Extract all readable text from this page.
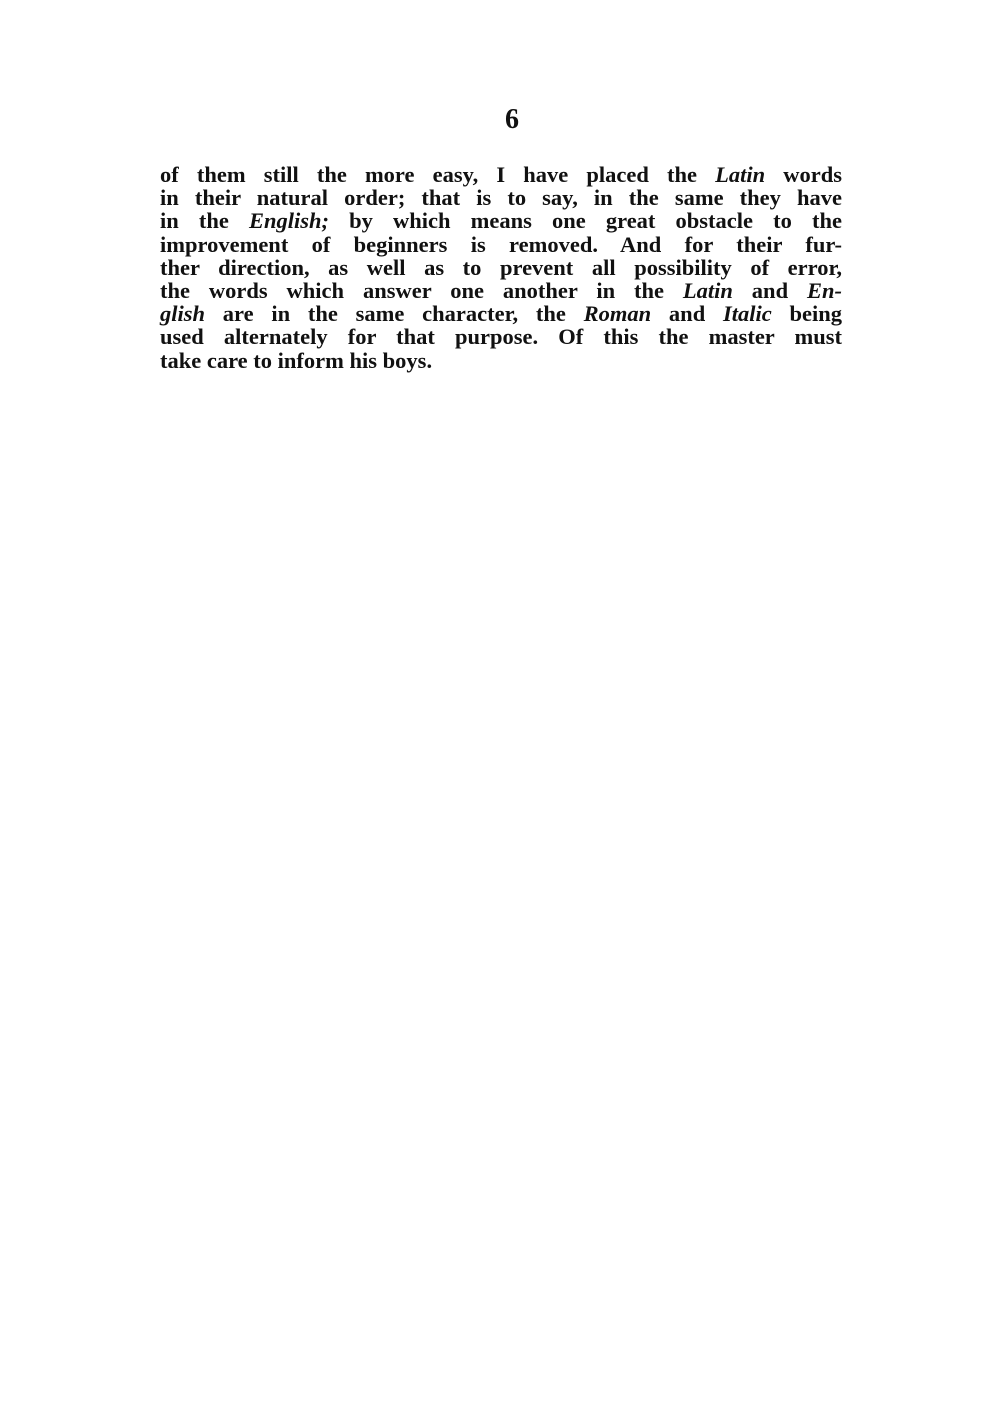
6
of them still the more easy, I have placed the Latin words
in their natural order; that is to say, in the same they have
in the English; by which means one great obstacle to the
improvement of beginners is removed. And for their fur-
ther direction, as well as to prevent all possibility of error,
the words which answer one another in the Latin and En-
glish are in the same character, the Roman and Italic being
used alternately for that purpose. Of this the master must
take care to inform his boys.
